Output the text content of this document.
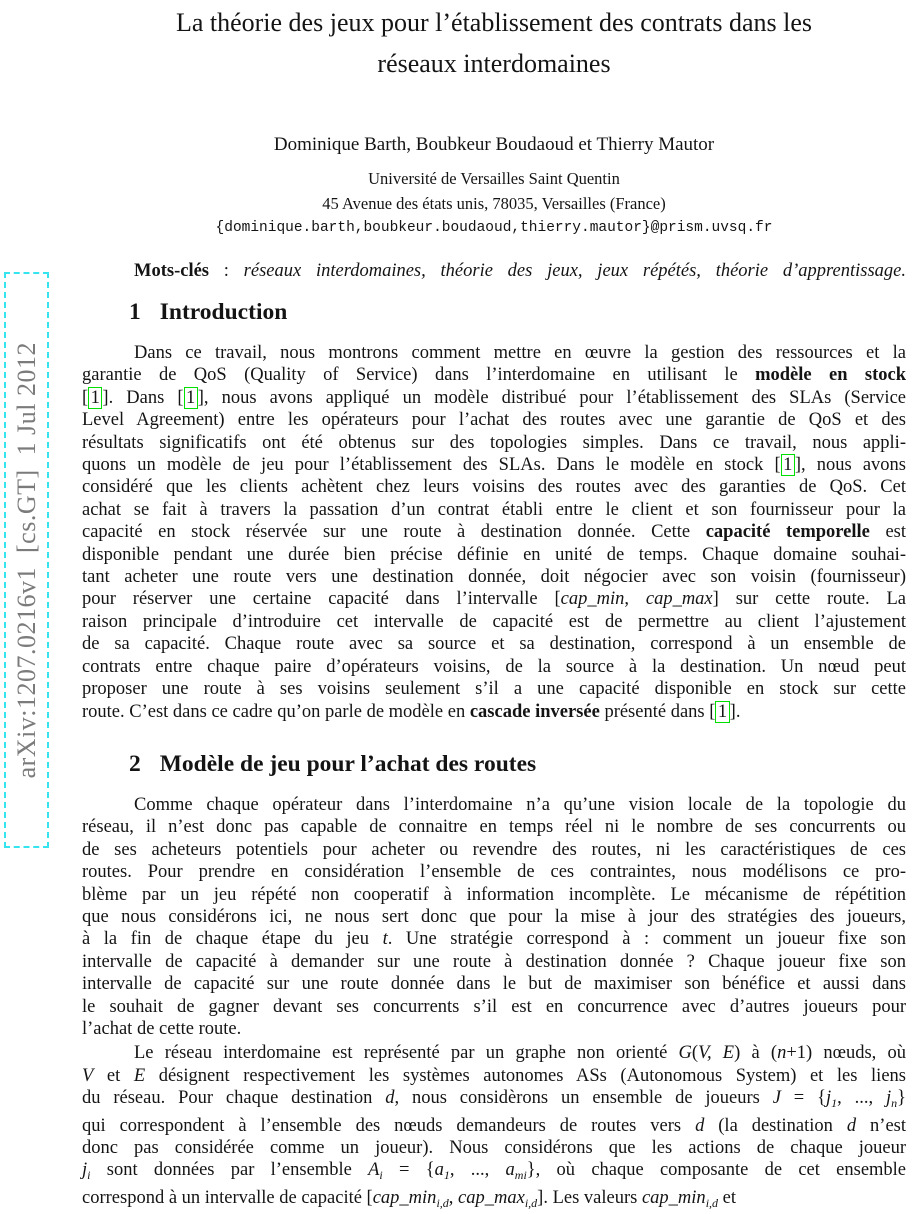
arXiv:1207.0216v1  [cs.GT]  1 Jul 2012
La théorie des jeux pour l’établissement des contrats dans les
réseaux interdomaines
Dominique Barth, Boubkeur Boudaoud et Thierry Mautor
Université de Versailles Saint Quentin
45 Avenue des états unis, 78035, Versailles (France)
{dominique.barth,boubkeur.boudaoud,thierry.mautor}@prism.uvsq.fr
Mots-clés : réseaux interdomaines, théorie des jeux, jeux répétés, théorie d’apprentissage.
1 Introduction
Dans ce travail, nous montrons comment mettre en œuvre la gestion des ressources et la
garantie de QoS (Quality of Service) dans l’interdomaine en utilisant le modèle en stock
[ 1 ]. Dans [ 1 ], nous avons appliqué un modèle distribué pour l’établissement des SLAs (Service
Level Agreement) entre les opérateurs pour l’achat des routes avec une garantie de QoS et des
résultats significatifs ont été obtenus sur des topologies simples. Dans ce travail, nous appli-
quons un modèle de jeu pour l’établissement des SLAs. Dans le modèle en stock [ 1 ], nous avons
considéré que les clients achètent chez leurs voisins des routes avec des garanties de QoS. Cet
achat se fait à travers la passation d’un contrat établi entre le client et son fournisseur pour la
capacité en stock réservée sur une route à destination donnée. Cette capacité temporelle est
disponible pendant une durée bien précise définie en unité de temps. Chaque domaine souhai-
tant acheter une route vers une destination donnée, doit négocier avec son voisin (fournisseur)
pour réserver une certaine capacité dans l’intervalle [cap_min, cap_max] sur cette route. La
raison principale d’introduire cet intervalle de capacité est de permettre au client l’ajustement
de sa capacité. Chaque route avec sa source et sa destination, correspond à un ensemble de
contrats entre chaque paire d’opérateurs voisins, de la source à la destination. Un nœud peut
proposer une route à ses voisins seulement s’il a une capacité disponible en stock sur cette
route. C’est dans ce cadre qu’on parle de modèle en cascade inversée présenté dans [ 1 ].
2 Modèle de jeu pour l’achat des routes
Comme chaque opérateur dans l’interdomaine n’a qu’une vision locale de la topologie du
réseau, il n’est donc pas capable de connaitre en temps réel ni le nombre de ses concurrents ou
de ses acheteurs potentiels pour acheter ou revendre des routes, ni les caractéristiques de ces
routes. Pour prendre en considération l’ensemble de ces contraintes, nous modélisons ce pro-
blème par un jeu répété non cooperatif à information incomplète. Le mécanisme de répétition
que nous considérons ici, ne nous sert donc que pour la mise à jour des stratégies des joueurs,
à la fin de chaque étape du jeu t. Une stratégie correspond à : comment un joueur fixe son
intervalle de capacité à demander sur une route à destination donnée ? Chaque joueur fixe son
intervalle de capacité sur une route donnée dans le but de maximiser son bénéfice et aussi dans
le souhait de gagner devant ses concurrents s’il est en concurrence avec d’autres joueurs pour
l’achat de cette route.
Le réseau interdomaine est représenté par un graphe non orienté G(V, E) à (n+1) nœuds, où
V et E désignent respectivement les systèmes autonomes ASs (Autonomous System) et les liens
du réseau. Pour chaque destination d, nous considèrons un ensemble de joueurs $J = \{j_1$, ..., $j_n$}
qui correspondent à l’ensemble des nœuds demandeurs de routes vers d (la destination d n’est
donc pas considérée comme un joueur). Nous considérons que les actions de chaque joueur
$j_i$ sont données par l’ensemble $A_i = \{a_1$, ..., $a_{mi}$}, où chaque composante de cet ensemble
correspond à un intervalle de capacité [$cap\_\min_{i,d}$, $cap\_\max_{i,d}$]. Les valeurs $cap\_\min_{i,d}$ et
